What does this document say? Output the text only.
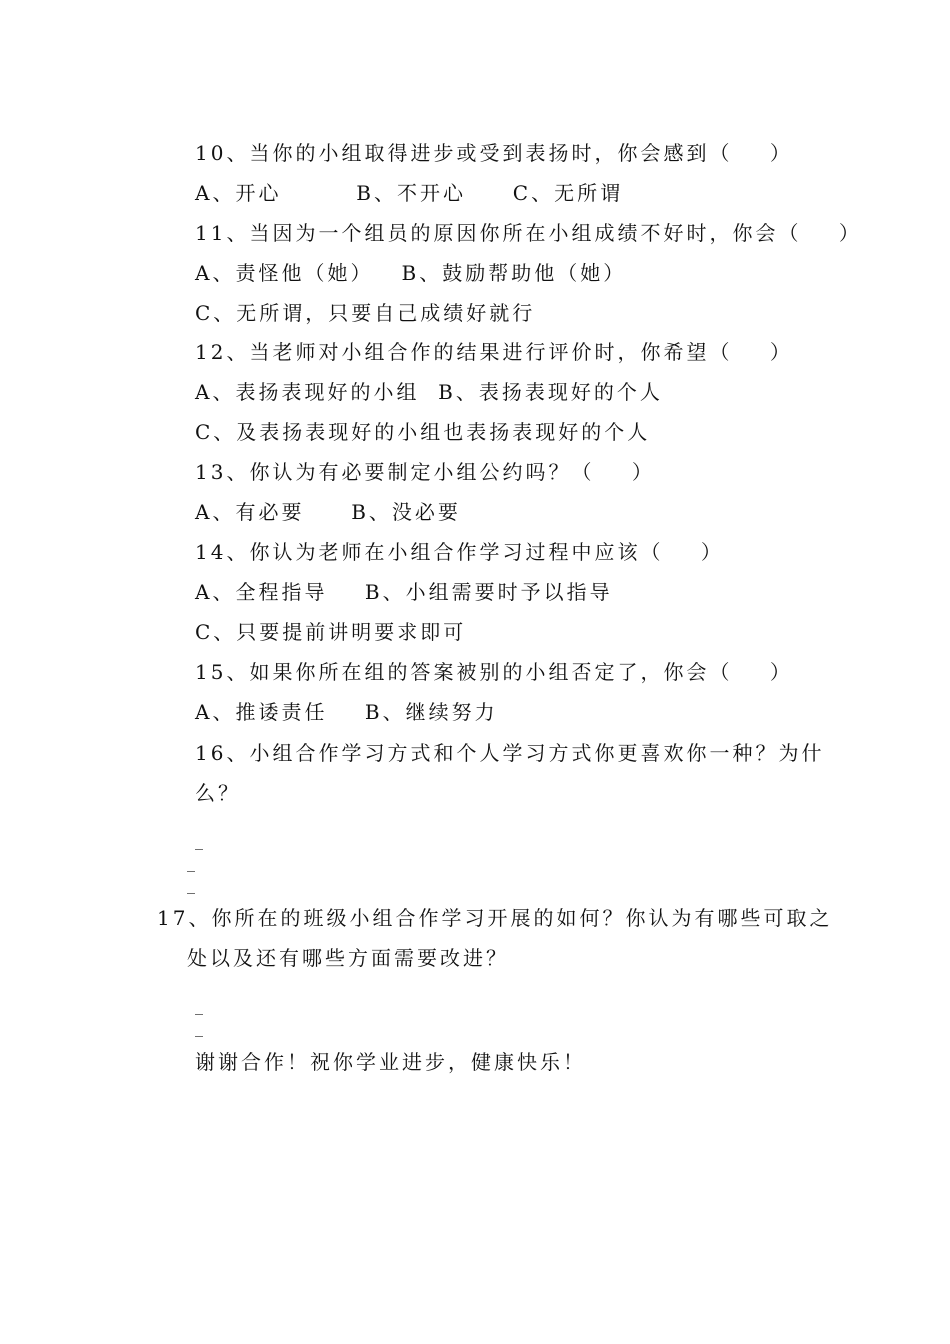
10、当你的小组取得进步或受到表扬时，你会感到（    ）
A、开心        B、不开心     C、无所谓
11、当因为一个组员的原因你所在小组成绩不好时，你会（    ）
A、责怪他（她）   B、鼓励帮助他（她）
C、无所谓，只要自己成绩好就行
12、当老师对小组合作的结果进行评价时，你希望（    ）
A、表扬表现好的小组  B、表扬表现好的个人
C、及表扬表现好的小组也表扬表现好的个人
13、你认为有必要制定小组公约吗？（    ）
A、有必要     B、没必要
14、你认为老师在小组合作学习过程中应该（    ）
A、全程指导    B、小组需要时予以指导
C、只要提前讲明要求即可
15、如果你所在组的答案被别的小组否定了，你会（    ）
A、推诿责任    B、继续努力
16、小组合作学习方式和个人学习方式你更喜欢你一种？为什
么？
_
_
_
17、你所在的班级小组合作学习开展的如何？你认为有哪些可取之
处以及还有哪些方面需要改进？
_
_
谢谢合作！祝你学业进步，健康快乐！
